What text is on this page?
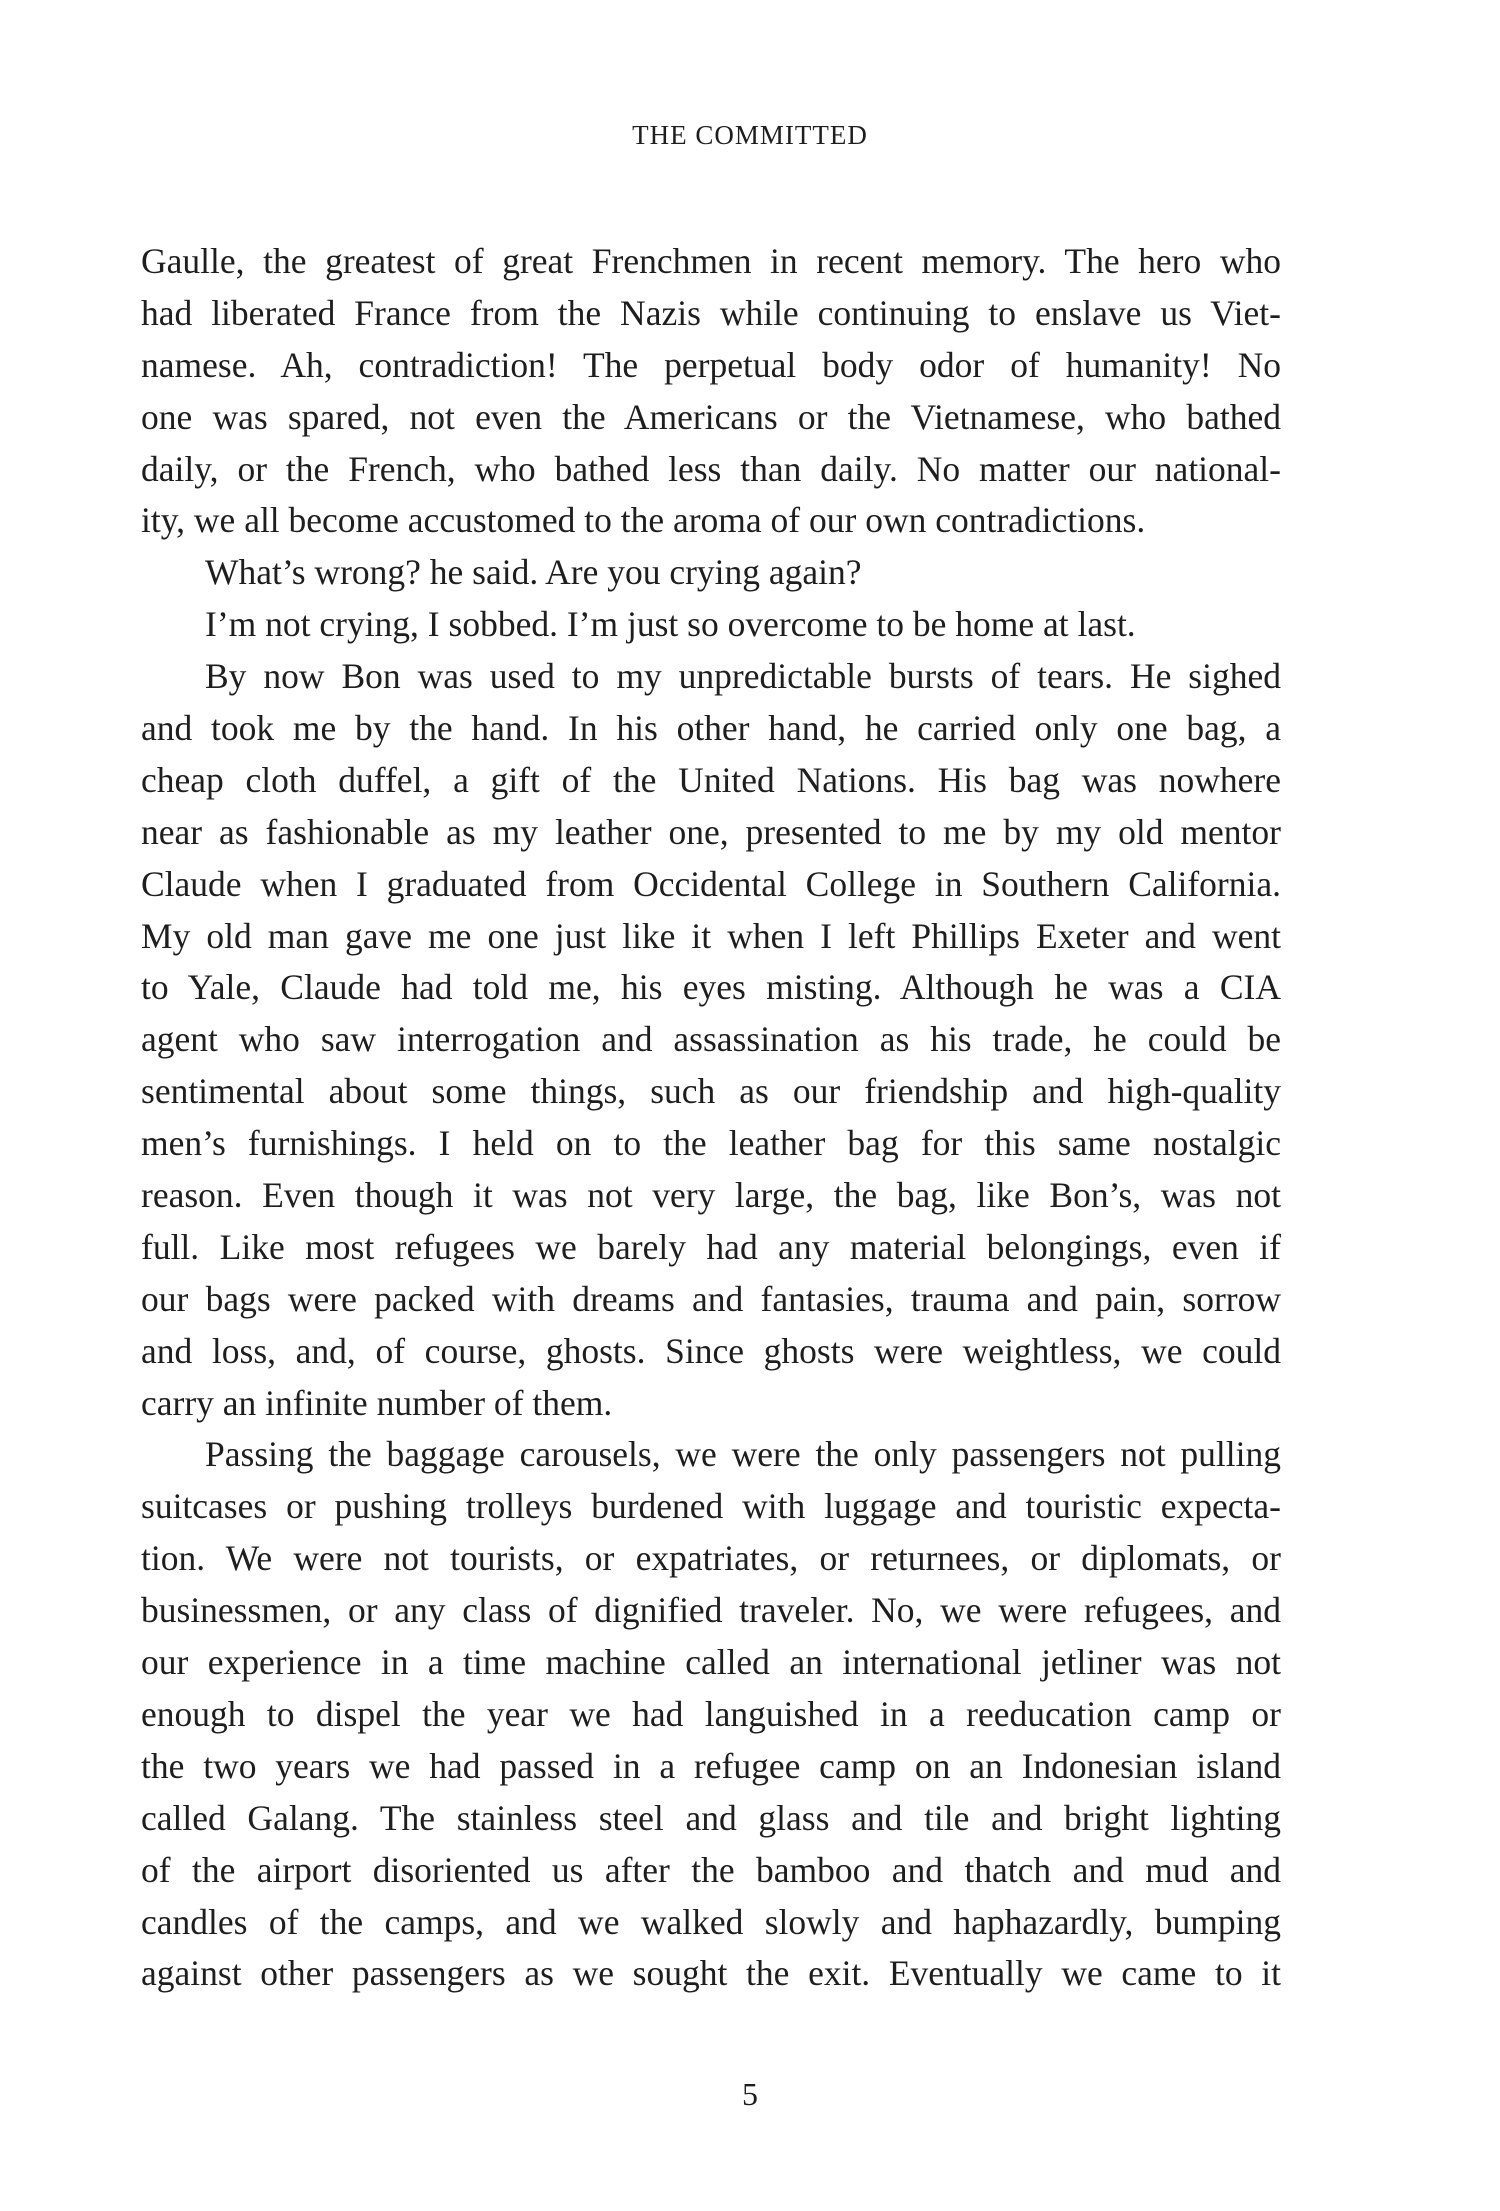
THE COMMITTED
Gaulle, the greatest of great Frenchmen in recent memory. The hero who
had liberated France from the Nazis while continuing to enslave us Viet-
namese. Ah, contradiction! The perpetual body odor of humanity! No
one was spared, not even the Americans or the Vietnamese, who bathed
daily, or the French, who bathed less than daily. No matter our national-
ity, we all become accustomed to the aroma of our own contradictions.
What’s wrong? he said. Are you crying again?
I’m not crying, I sobbed. I’m just so overcome to be home at last.
By now Bon was used to my unpredictable bursts of tears. He sighed
and took me by the hand. In his other hand, he carried only one bag, a
cheap cloth duffel, a gift of the United Nations. His bag was nowhere
near as fashionable as my leather one, presented to me by my old mentor
Claude when I graduated from Occidental College in Southern California.
My old man gave me one just like it when I left Phillips Exeter and went
to Yale, Claude had told me, his eyes misting. Although he was a CIA
agent who saw interrogation and assassination as his trade, he could be
sentimental about some things, such as our friendship and high-quality
men’s furnishings. I held on to the leather bag for this same nostalgic
reason. Even though it was not very large, the bag, like Bon’s, was not
full. Like most refugees we barely had any material belongings, even if
our bags were packed with dreams and fantasies, trauma and pain, sorrow
and loss, and, of course, ghosts. Since ghosts were weightless, we could
carry an infinite number of them.
Passing the baggage carousels, we were the only passengers not pulling
suitcases or pushing trolleys burdened with luggage and touristic expecta-
tion. We were not tourists, or expatriates, or returnees, or diplomats, or
businessmen, or any class of dignified traveler. No, we were refugees, and
our experience in a time machine called an international jetliner was not
enough to dispel the year we had languished in a reeducation camp or
the two years we had passed in a refugee camp on an Indonesian island
called Galang. The stainless steel and glass and tile and bright lighting
of the airport disoriented us after the bamboo and thatch and mud and
candles of the camps, and we walked slowly and haphazardly, bumping
against other passengers as we sought the exit. Eventually we came to it
5
